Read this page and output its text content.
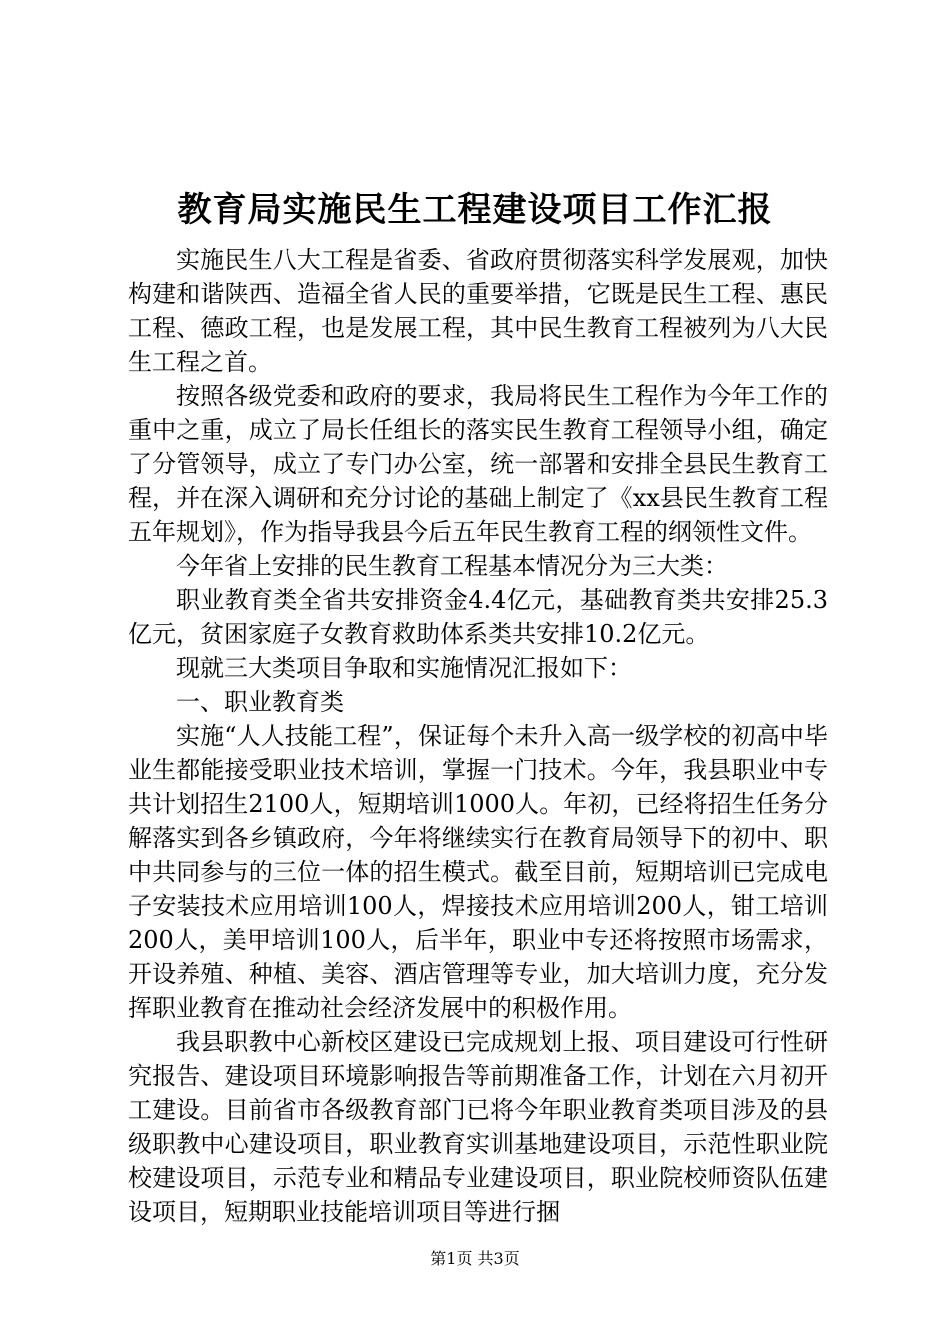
教育局实施民生工程建设项目工作汇报

实施民生八大工程是省委、省政府贯彻落实科学发展观，加快构建和谐陕西、造福全省人民的重要举措，它既是民生工程、惠民工程、德政工程，也是发展工程，其中民生教育工程被列为八大民生工程之首。

按照各级党委和政府的要求，我局将民生工程作为今年工作的重中之重，成立了局长任组长的落实民生教育工程领导小组，确定了分管领导，成立了专门办公室，统一部署和安排全县民生教育工程，并在深入调研和充分讨论的基础上制定了《xx县民生教育工程五年规划》，作为指导我县今后五年民生教育工程的纲领性文件。

今年省上安排的民生教育工程基本情况分为三大类：

职业教育类全省共安排资金4.4亿元，基础教育类共安排25.3亿元，贫困家庭子女教育救助体系类共安排10.2亿元。

现就三大类项目争取和实施情况汇报如下：

一、职业教育类

实施“人人技能工程”，保证每个未升入高一级学校的初高中毕业生都能接受职业技术培训，掌握一门技术。今年，我县职业中专共计划招生2100人，短期培训1000人。年初，已经将招生任务分解落实到各乡镇政府，今年将继续实行在教育局领导下的初中、职中共同参与的三位一体的招生模式。截至目前，短期培训已完成电子安装技术应用培训100人，焊接技术应用培训200人，钳工培训200人，美甲培训100人，后半年，职业中专还将按照市场需求，开设养殖、种植、美容、酒店管理等专业，加大培训力度，充分发挥职业教育在推动社会经济发展中的积极作用。

我县职教中心新校区建设已完成规划上报、项目建设可行性研究报告、建设项目环境影响报告等前期准备工作，计划在六月初开工建设。目前省市各级教育部门已将今年职业教育类项目涉及的县级职教中心建设项目，职业教育实训基地建设项目，示范性职业院校建设项目，示范专业和精品专业建设项目，职业院校师资队伍建设项目，短期职业技能培训项目等进行捆

第1页 共3页
